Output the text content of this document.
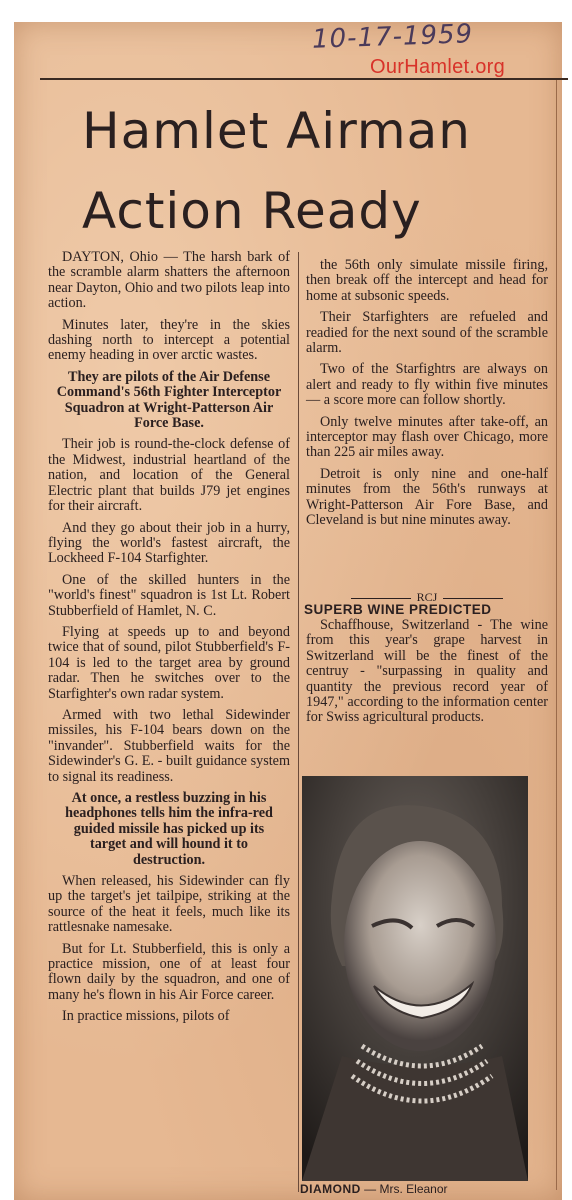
10-17-1959
OurHamlet.org
Hamlet Airman
Action Ready

DAYTON, Ohio — The harsh bark of the scramble alarm shatters the afternoon near Dayton, Ohio and two pilots leap into action.

Minutes later, they're in the skies dashing north to intercept a potential enemy heading in over arctic wastes.

They are pilots of the Air Defense Command's 56th Fighter Interceptor Squadron at Wright-Patterson Air Force Base.

Their job is round-the-clock defense of the Midwest, industrial heartland of the nation, and location of the General Electric plant that builds J79 jet engines for their aircraft.

And they go about their job in a hurry, flying the world's fastest aircraft, the Lockheed F-104 Starfighter.

One of the skilled hunters in the "world's finest" squadron is 1st Lt. Robert Stubberfield of Hamlet, N. C.

Flying at speeds up to and beyond twice that of sound, pilot Stubberfield's F-104 is led to the target area by ground radar. Then he switches over to the Starfighter's own radar system.

Armed with two lethal Sidewinder missiles, his F-104 bears down on the "invander". Stubberfield waits for the Sidewinder's G. E. - built guidance system to signal its readiness.

At once, a restless buzzing in his headphones tells him the infra-red guided missile has picked up its target and will hound it to destruction.

When released, his Sidewinder can fly up the target's jet tailpipe, striking at the source of the heat it feels, much like its rattlesnake namesake.

But for Lt. Stubberfield, this is only a practice mission, one of at least four flown daily by the squadron, and one of many he's flown in his Air Force career.

In practice missions, pilots of

the 56th only simulate missile firing, then break off the intercept and head for home at subsonic speeds.

Their Starfighters are refueled and readied for the next sound of the scramble alarm.

Two of the Starfightrs are always on alert and ready to fly within five minutes — a score more can follow shortly.

Only twelve minutes after take-off, an interceptor may flash over Chicago, more than 225 air miles away.

Detroit is only nine and one-half minutes from the 56th's runways at Wright-Patterson Air Fore Base, and Cleveland is but nine minutes away.

RCJ
SUPERB WINE PREDICTED

Schaffhouse, Switzerland - The wine from this year's grape harvest in Switzerland will be the finest of the centruy - "surpassing in quality and quantity the previous record year of 1947," according to the information center for Swiss agricultural products.

DIAMOND — Mrs. Eleanor
